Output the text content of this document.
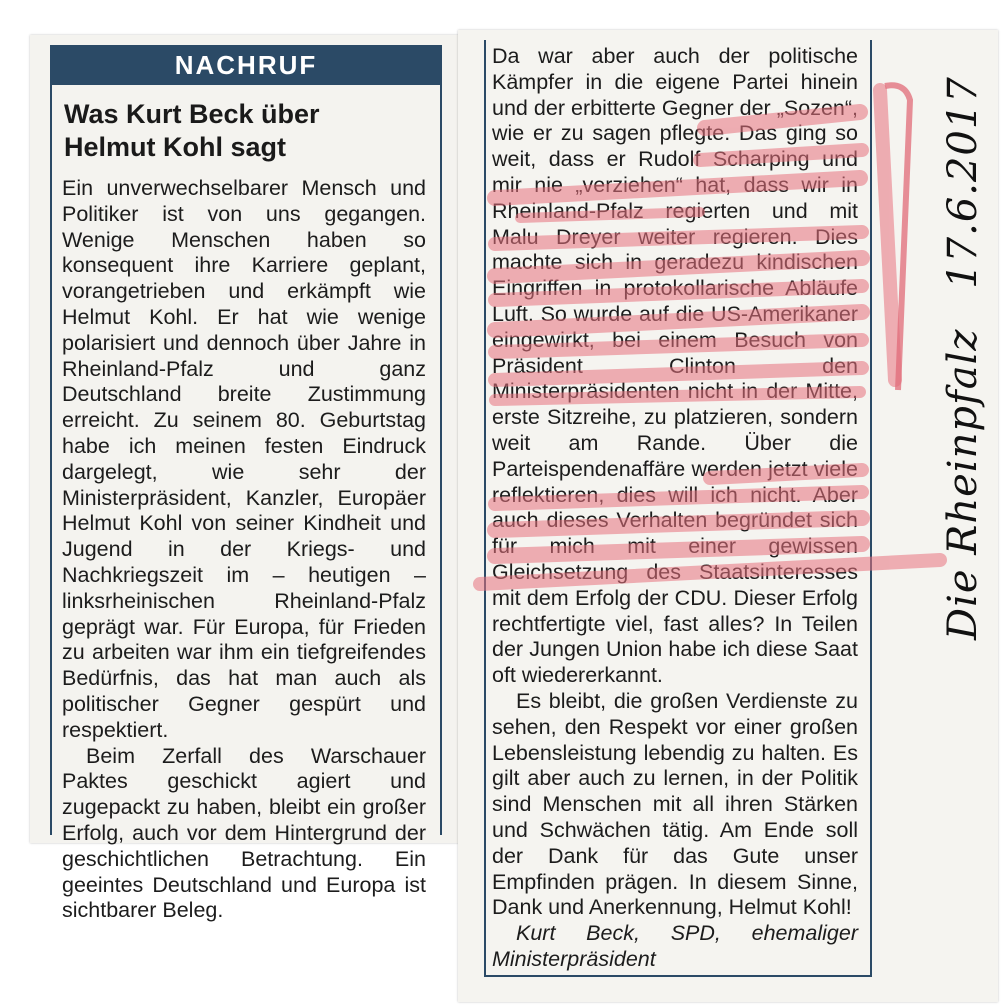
NACHRUF
Was Kurt Beck über
Helmut Kohl sagt

Ein unverwechselbarer Mensch und Politiker ist von uns gegangen. Wenige Menschen haben so konsequent ihre Karriere geplant, vorangetrieben und erkämpft wie Helmut Kohl. Er hat wie wenige polarisiert und dennoch über Jahre in Rheinland-Pfalz und ganz Deutschland breite Zustimmung erreicht. Zu seinem 80. Geburtstag habe ich meinen festen Eindruck dargelegt, wie sehr der Ministerpräsident, Kanzler, Europäer Helmut Kohl von seiner Kindheit und Jugend in der Kriegs- und Nachkriegszeit im – heutigen – linksrheinischen Rheinland-Pfalz geprägt war. Für Europa, für Frieden zu arbeiten war ihm ein tiefgreifendes Bedürfnis, das hat man auch als politischer Gegner gespürt und respektiert.

Beim Zerfall des Warschauer Paktes geschickt agiert und zugepackt zu haben, bleibt ein großer Erfolg, auch vor dem Hintergrund der geschichtlichen Betrachtung. Ein geeintes Deutschland und Europa ist sichtbarer Beleg.

Da war aber auch der politische Kämpfer in die eigene Partei hinein und der erbitterte Gegner der „Sozen“, wie er zu sagen pflegte. Das ging so weit, dass er Rudolf Scharping und mir nie „verziehen“ hat, dass wir in Rheinland-Pfalz regierten und mit Malu Dreyer weiter regieren. Dies machte sich in geradezu kindischen Eingriffen in protokollarische Abläufe Luft. So wurde auf die US-Amerikaner eingewirkt, bei einem Besuch von Präsident Clinton den Ministerpräsidenten nicht in der Mitte, erste Sitzreihe, zu platzieren, sondern weit am Rande. Über die Parteispendenaffäre werden jetzt viele reflektieren, dies will ich nicht. Aber auch dieses Verhalten begründet sich für mich mit einer gewissen Gleichsetzung des Staatsinteresses mit dem Erfolg der CDU. Dieser Erfolg rechtfertigte viel, fast alles? In Teilen der Jungen Union habe ich diese Saat oft wiedererkannt.

Es bleibt, die großen Verdienste zu sehen, den Respekt vor einer großen Lebensleistung lebendig zu halten. Es gilt aber auch zu lernen, in der Politik sind Menschen mit all ihren Stärken und Schwächen tätig. Am Ende soll der Dank für das Gute unser Empfinden prägen. In diesem Sinne, Dank und Anerkennung, Helmut Kohl!

Kurt Beck, SPD, ehemaliger Ministerpräsident

Die Rheinpfalz 17.6.2017
